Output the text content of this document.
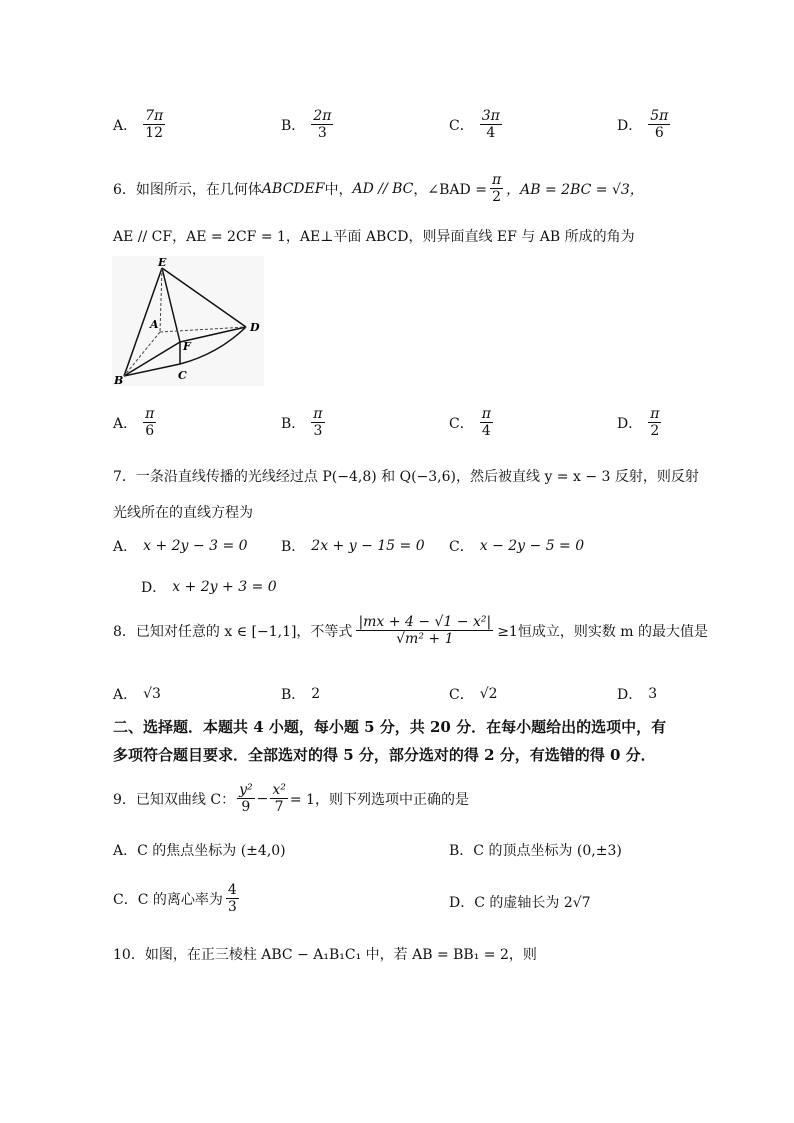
A． $\frac{7\pi}{12}$	B． $\frac{2\pi}{3}$	C． $\frac{3\pi}{4}$	D． $\frac{5\pi}{6}$
6．如图所示，在几何体 ABCDEF 中， AD // BC ，∠BAD = $\frac{\pi}{2}$ ，AB = 2BC = √3，
AE // CF，AE = 2CF = 1，AE⊥平面 ABCD，则异面直线 EF 与 AB 所成的角为
E
A	D
F
B	C
A． $\frac{\pi}{6}$	B． $\frac{\pi}{3}$	C． $\frac{\pi}{4}$	D． $\frac{\pi}{2}$
7．一条沿直线传播的光线经过点 P(−4,8) 和 Q(−3,6)，然后被直线 y = x − 3 反射，则反射
光线所在的直线方程为
A． x + 2y − 3 = 0 B． 2x + y − 15 = 0 C． x − 2y − 5 = 0
D． x + 2y + 3 = 0
8．已知对任意的 x ∈ [−1,1]，不等式 $\frac{\text{|mx + 4 − √1 − x²|}}{\text{√m² + 1}} \ge 1$恒成立，则实数 m 的最大值是
A． √3	B． 2	C． √2	D． 3
二、选择题．本题共 4 小题，每小题 5 分，共 20 分．在每小题给出的选项中，有
多项符合题目要求．全部选对的得 5 分，部分选对的得 2 分，有选错的得 0 分．
9．已知双曲线 C： $\frac{\text{y²}}{9} - \frac{\text{x²}}{7} = 1$，则下列选项中正确的是
A．C 的焦点坐标为 (±4,0)	B．C 的顶点坐标为 (0,±3)
C．C 的离心率为 $\frac{4}{3}$	D．C 的虚轴长为 2√7
10．如图，在正三棱柱 ABC − A₁B₁C₁ 中，若 AB = BB₁ = 2，则
